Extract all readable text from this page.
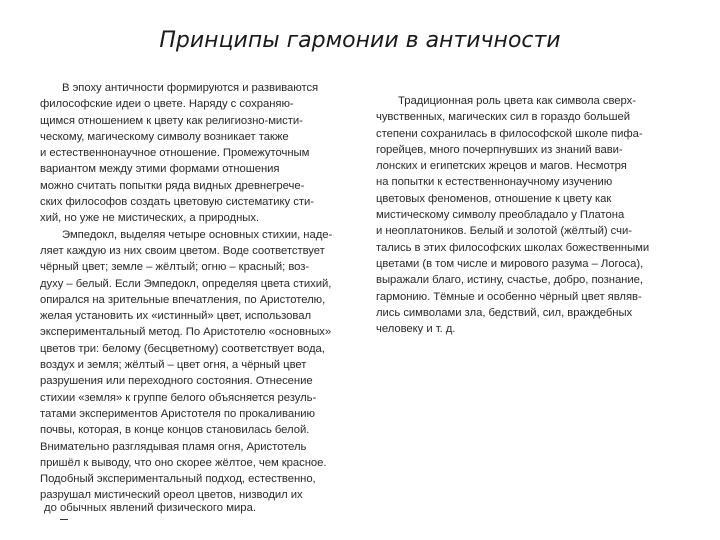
Принципы гармонии в античности

В эпоху античности формируются и развиваются
философские идеи о цвете. Наряду с сохраняю-
щимся отношением к цвету как религиозно-мисти-
ческому, магическому символу возникает также
и естественнонаучное отношение. Промежуточным
вариантом между этими формами отношения
можно считать попытки ряда видных древнегрече-
ских философов создать цветовую систематику сти-
хий, но уже не мистических, а природных.

Эмпедокл, выделяя четыре основных стихии, наде-
ляет каждую из них своим цветом. Воде соответствует
чёрный цвет; земле – жёлтый; огню – красный; воз-
духу – белый. Если Эмпедокл, определяя цвета стихий,
опирался на зрительные впечатления, по Аристотелю,
желая установить их «истинный» цвет, использовал
экспериментальный метод. По Аристотелю «основных»
цветов три: белому (бесцветному) соответствует вода,
воздух и земля; жёлтый – цвет огня, а чёрный цвет
разрушения или переходного состояния. Отнесение
стихии «земля» к группе белого объясняется резуль-
татами экспериментов Аристотеля по прокаливанию
почвы, которая, в конце концов становилась белой.
Внимательно разглядывая пламя огня, Аристотель
пришёл к выводу, что оно скорее жёлтое, чем красное.
Подобный экспериментальный подход, естественно,
разрушал мистический ореол цветов, низводил их

до обычных явлений физического мира.

Традиционная роль цвета как символа сверх-
чувственных, магических сил в гораздо большей
степени сохранилась в философской школе пифа-
горейцев, много почерпнувших из знаний вави-
лонских и египетских жрецов и магов. Несмотря
на попытки к естественнонаучному изучению
цветовых феноменов, отношение к цвету как
мистическому символу преобладало у Платона
и неоплатоников. Белый и золотой (жёлтый) счи-
тались в этих философских школах божественными
цветами (в том числе и мирового разума – Логоса),
выражали благо, истину, счастье, добро, познание,
гармонию. Тёмные и особенно чёрный цвет являв-
лись символами зла, бедствий, сил, враждебных
человеку и т. д.
